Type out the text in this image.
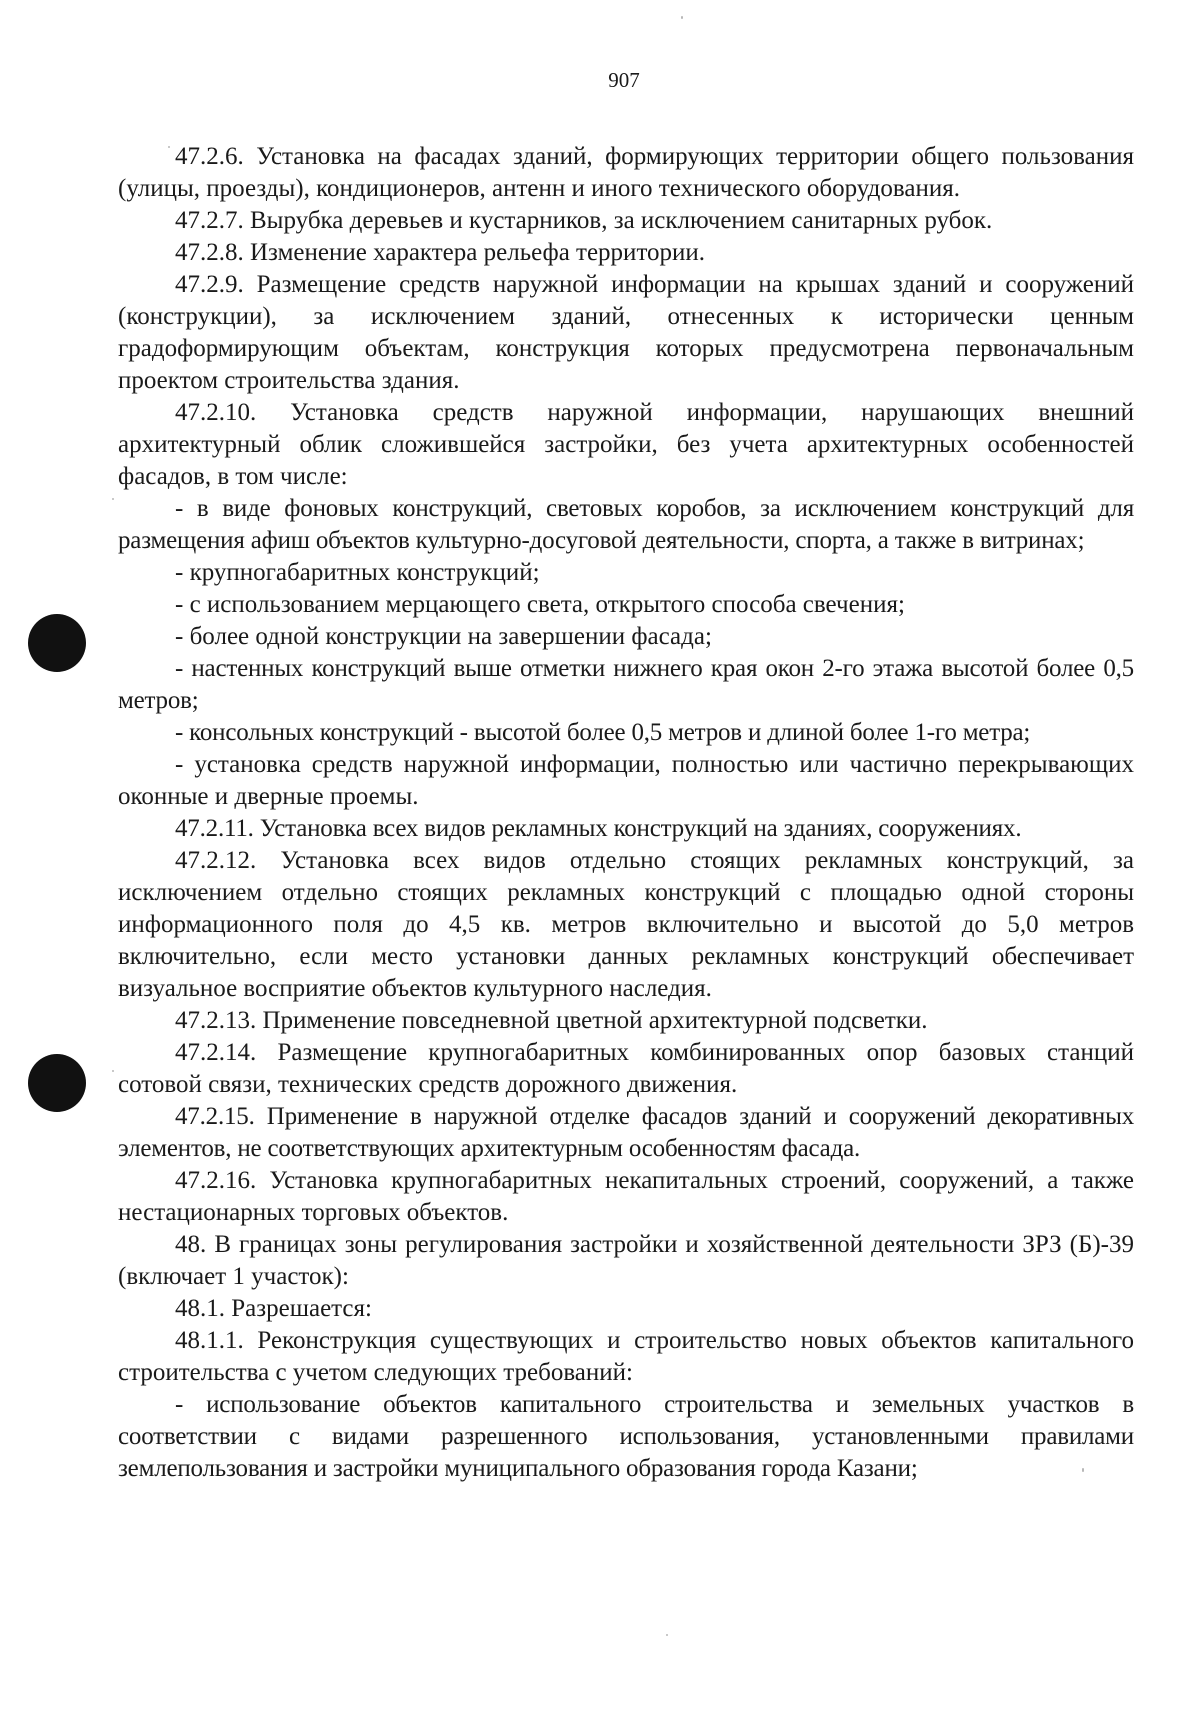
907

47.2.6. Установка на фасадах зданий, формирующих территории общего пользования (улицы, проезды), кондиционеров, антенн и иного технического оборудования.

47.2.7. Вырубка деревьев и кустарников, за исключением санитарных рубок.

47.2.8. Изменение характера рельефа территории.

47.2.9. Размещение средств наружной информации на крышах зданий и сооружений (конструкции), за исключением зданий, отнесенных к исторически ценным градоформирующим объектам, конструкция которых предусмотрена первоначальным проектом строительства здания.

47.2.10. Установка средств наружной информации, нарушающих внешний архитектурный облик сложившейся застройки, без учета архитектурных особенностей фасадов, в том числе:

- в виде фоновых конструкций, световых коробов, за исключением конструкций для размещения афиш объектов культурно-досуговой деятельности, спорта, а также в витринах;

- крупногабаритных конструкций;

- с использованием мерцающего света, открытого способа свечения;

- более одной конструкции на завершении фасада;

- настенных конструкций выше отметки нижнего края окон 2-го этажа высотой более 0,5 метров;

- консольных конструкций - высотой более 0,5 метров и длиной более 1-го метра;

- установка средств наружной информации, полностью или частично перекрывающих оконные и дверные проемы.

47.2.11. Установка всех видов рекламных конструкций на зданиях, сооружениях.

47.2.12. Установка всех видов отдельно стоящих рекламных конструкций, за исключением отдельно стоящих рекламных конструкций с площадью одной стороны информационного поля до 4,5 кв. метров включительно и высотой до 5,0 метров включительно, если место установки данных рекламных конструкций обеспечивает визуальное восприятие объектов культурного наследия.

47.2.13. Применение повседневной цветной архитектурной подсветки.

47.2.14. Размещение крупногабаритных комбинированных опор базовых станций сотовой связи, технических средств дорожного движения.

47.2.15. Применение в наружной отделке фасадов зданий и сооружений декоративных элементов, не соответствующих архитектурным особенностям фасада.

47.2.16. Установка крупногабаритных некапитальных строений, сооружений, а также нестационарных торговых объектов.

48. В границах зоны регулирования застройки и хозяйственной деятельности ЗРЗ (Б)-39 (включает 1 участок):

48.1. Разрешается:

48.1.1. Реконструкция существующих и строительство новых объектов капитального строительства с учетом следующих требований:

- использование объектов капитального строительства и земельных участков в соответствии с видами разрешенного использования, установленными правилами землепользования и застройки муниципального образования города Казани;
